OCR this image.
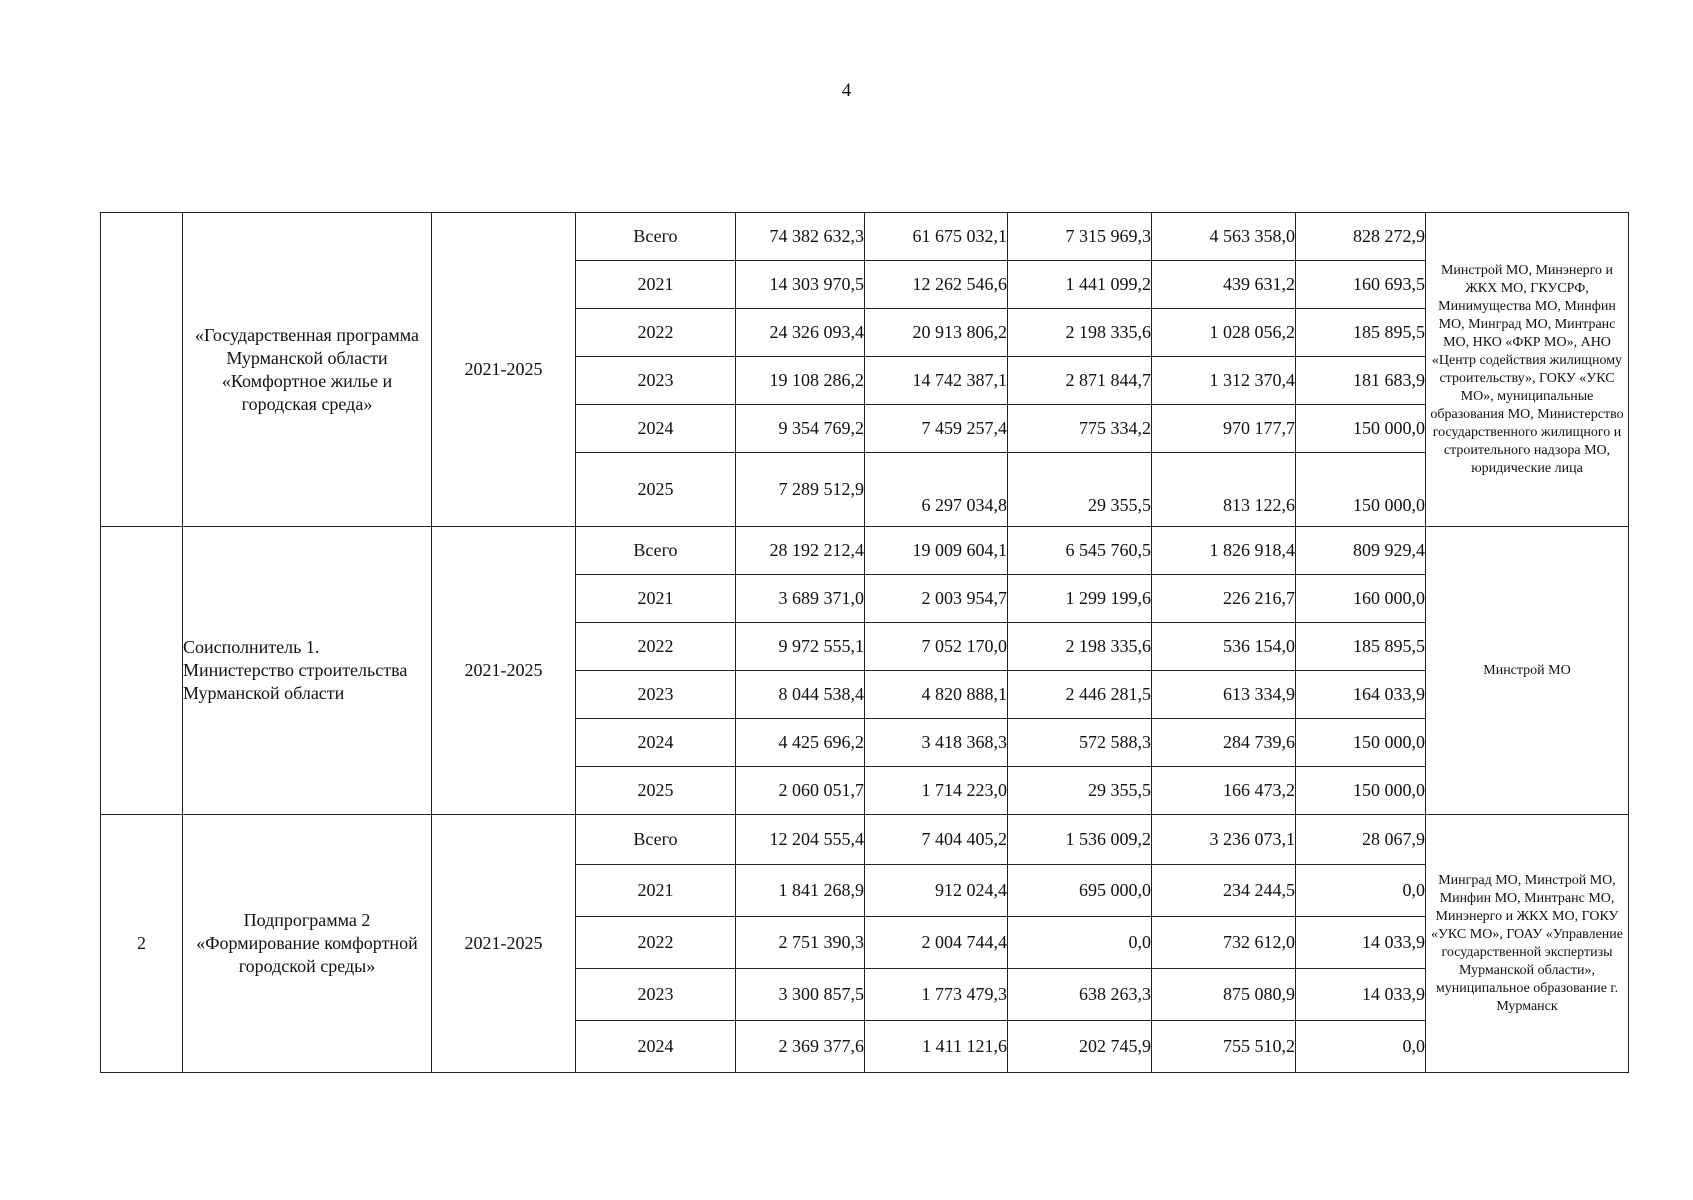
4
	«Государственная программа Мурманской области «Комфортное жилье и городская среда»	2021-2025	Всего	74 382 632,3	61 675 032,1	7 315 969,3	4 563 358,0	828 272,9	Минстрой МО, Минэнерго и ЖКХ МО, ГКУСРФ, Минимущества МО, Минфин МО, Минград МО, Минтранс МО, НКО «ФКР МО», АНО «Центр содействия жилищному строительству», ГОКУ «УКС МО», муниципальные образования МО, Министерство государственного жилищного и строительного надзора МО, юридические лица
			2021	14 303 970,5	12 262 546,6	1 441 099,2	439 631,2	160 693,5	
			2022	24 326 093,4	20 913 806,2	2 198 335,6	1 028 056,2	185 895,5	
			2023	19 108 286,2	14 742 387,1	2 871 844,7	1 312 370,4	181 683,9	
			2024	9 354 769,2	7 459 257,4	775 334,2	970 177,7	150 000,0	
			2025	7 289 512,9	6 297 034,8	29 355,5	813 122,6	150 000,0	
	Соисполнитель 1. Министерство строительства Мурманской области	2021-2025	Всего	28 192 212,4	19 009 604,1	6 545 760,5	1 826 918,4	809 929,4	Минстрой МО
			2021	3 689 371,0	2 003 954,7	1 299 199,6	226 216,7	160 000,0	
			2022	9 972 555,1	7 052 170,0	2 198 335,6	536 154,0	185 895,5	
			2023	8 044 538,4	4 820 888,1	2 446 281,5	613 334,9	164 033,9	
			2024	4 425 696,2	3 418 368,3	572 588,3	284 739,6	150 000,0	
			2025	2 060 051,7	1 714 223,0	29 355,5	166 473,2	150 000,0	
2	Подпрограмма 2 «Формирование комфортной городской среды»	2021-2025	Всего	12 204 555,4	7 404 405,2	1 536 009,2	3 236 073,1	28 067,9	Минград МО, Минстрой МО, Минфин МО, Минтранс МО, Минэнерго и ЖКХ МО, ГОКУ «УКС МО», ГОАУ «Управление государственной экспертизы Мурманской области», муниципальное образование г. Мурманск
			2021	1 841 268,9	912 024,4	695 000,0	234 244,5	0,0	
			2022	2 751 390,3	2 004 744,4	0,0	732 612,0	14 033,9	
			2023	3 300 857,5	1 773 479,3	638 263,3	875 080,9	14 033,9	
			2024	2 369 377,6	1 411 121,6	202 745,9	755 510,2	0,0	
